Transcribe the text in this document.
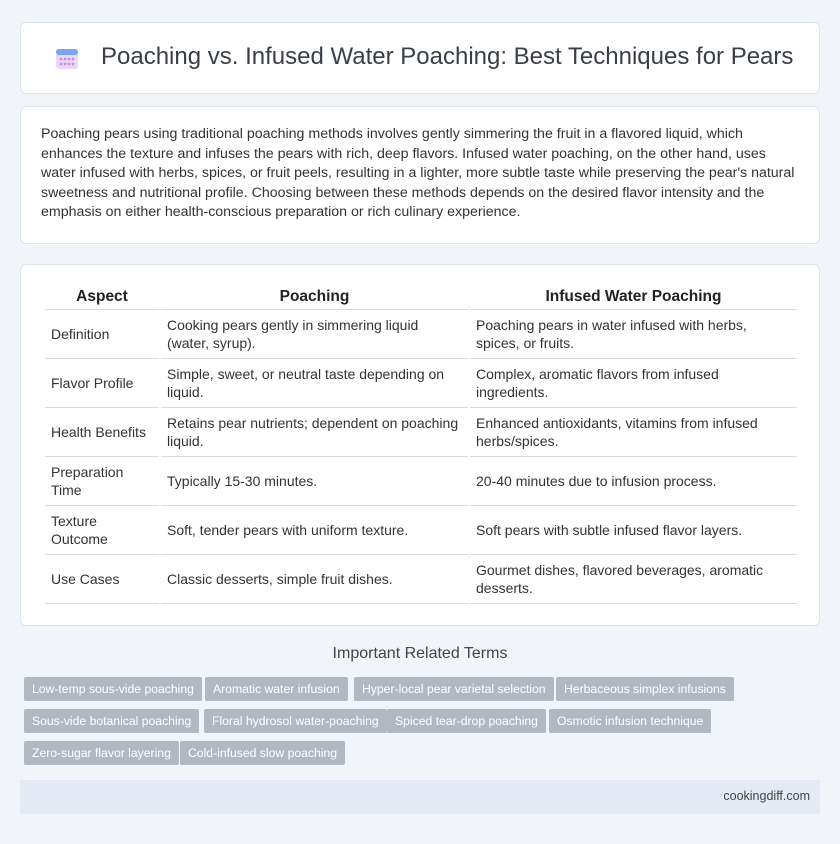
Poaching vs. Infused Water Poaching: Best Techniques for Pears

Poaching pears using traditional poaching methods involves gently simmering the fruit in a flavored liquid, which enhances the texture and infuses the pears with rich, deep flavors. Infused water poaching, on the other hand, uses water infused with herbs, spices, or fruit peels, resulting in a lighter, more subtle taste while preserving the pear's natural sweetness and nutritional profile. Choosing between these methods depends on the desired flavor intensity and the emphasis on either health-conscious preparation or rich culinary experience.

Aspect	Poaching	Infused Water Poaching
Definition	Cooking pears gently in simmering liquid (water, syrup).	Poaching pears in water infused with herbs, spices, or fruits.
Flavor Profile	Simple, sweet, or neutral taste depending on liquid.	Complex, aromatic flavors from infused ingredients.
Health Benefits	Retains pear nutrients; dependent on poaching liquid.	Enhanced antioxidants, vitamins from infused herbs/spices.
Preparation Time	Typically 15-30 minutes.	20-40 minutes due to infusion process.
Texture Outcome	Soft, tender pears with uniform texture.	Soft pears with subtle infused flavor layers.
Use Cases	Classic desserts, simple fruit dishes.	Gourmet dishes, flavored beverages, aromatic desserts.
Important Related Terms
Low-temp sous-vide poaching	Aromatic water infusion	Hyper-local pear varietal selection	Herbaceous simplex infusions
Sous-vide botanical poaching	Floral hydrosol water-poaching	Spiced tear-drop poaching	Osmotic infusion technique
Zero-sugar flavor layering	Cold-infused slow poaching
cookingdiff.com
